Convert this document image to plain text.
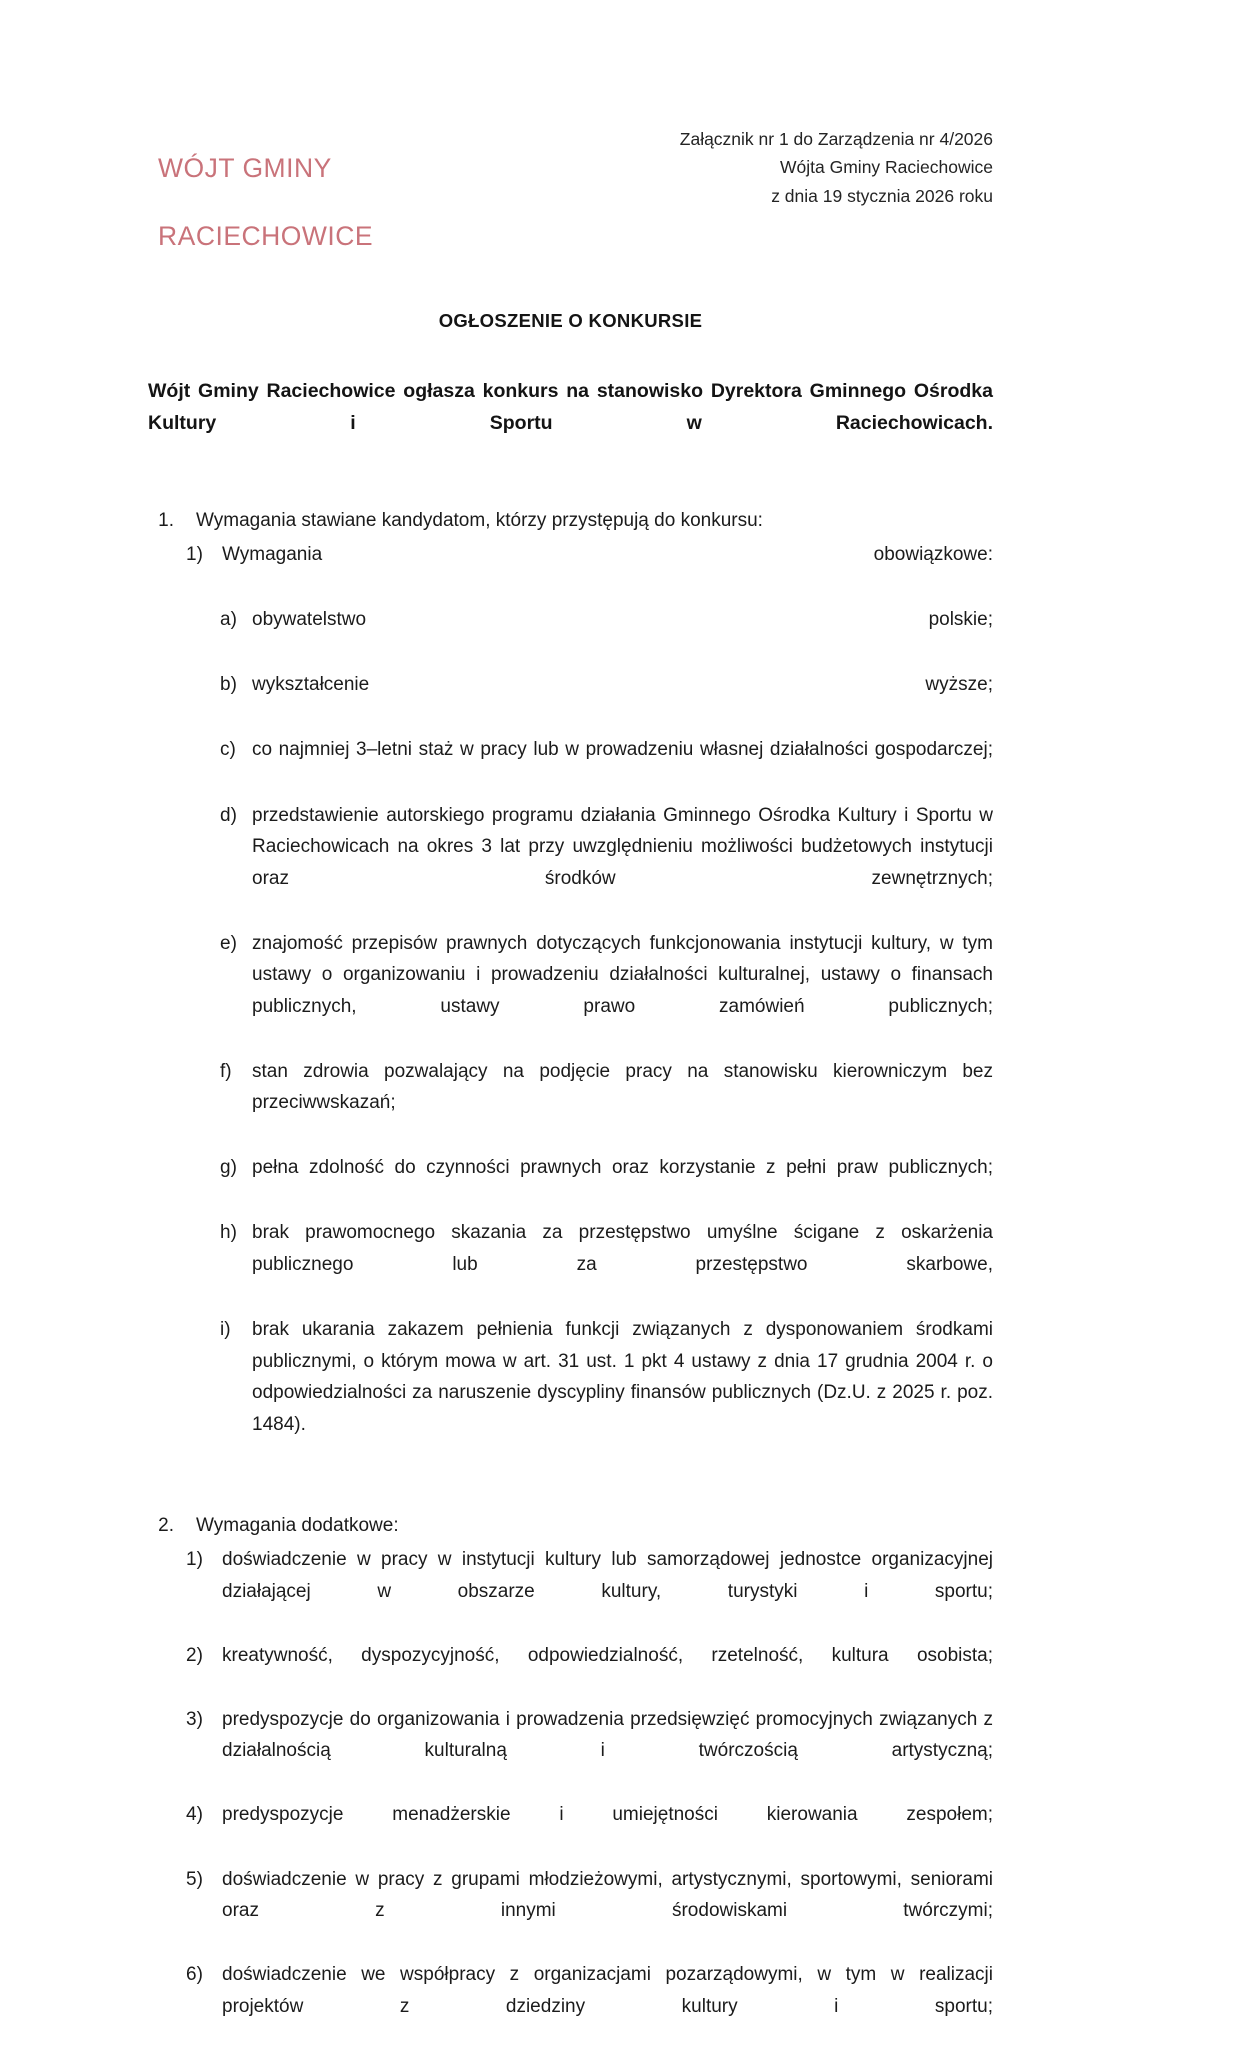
WÓJT GMINY

RACIECHOWICE

Załącznik nr 1 do Zarządzenia nr 4/2026
Wójta Gminy Raciechowice
z dnia 19 stycznia 2026 roku
OGŁOSZENIE O KONKURSIE
Wójt Gminy Raciechowice ogłasza konkurs na stanowisko Dyrektora Gminnego Ośrodka Kultury i Sportu w Raciechowicach.
1.	Wymagania stawiane kandydatom, którzy przystępują do konkursu:
1)	Wymagania obowiązkowe:
a) obywatelstwo polskie;
b) wykształcenie wyższe;
c) co najmniej 3–letni staż w pracy lub w prowadzeniu własnej działalności gospodarczej;
d) przedstawienie autorskiego programu działania Gminnego Ośrodka Kultury i Sportu w Raciechowicach na okres 3 lat przy uwzględnieniu możliwości budżetowych instytucji oraz środków zewnętrznych;
e) znajomość przepisów prawnych dotyczących funkcjonowania instytucji kultury, w tym ustawy o organizowaniu i prowadzeniu działalności kulturalnej, ustawy o finansach publicznych, ustawy prawo zamówień publicznych;
f)	stan zdrowia pozwalający na podjęcie pracy na stanowisku kierowniczym bez przeciwwskazań;
g) pełna zdolność do czynności prawnych oraz korzystanie z pełni praw publicznych;
h) brak prawomocnego skazania za przestępstwo umyślne ścigane z oskarżenia publicznego lub za przestępstwo skarbowe,
i)	brak ukarania zakazem pełnienia funkcji związanych z dysponowaniem środkami publicznymi, o którym mowa w art. 31 ust. 1 pkt 4 ustawy z dnia 17 grudnia 2004 r. o odpowiedzialności za naruszenie dyscypliny finansów publicznych (Dz.U. z 2025 r. poz. 1484).
2.	Wymagania dodatkowe:
1)	doświadczenie w pracy w instytucji kultury lub samorządowej jednostce organizacyjnej działającej w obszarze kultury, turystyki i sportu;
2)	kreatywność, dyspozycyjność, odpowiedzialność, rzetelność, kultura osobista;
3)	predyspozycje do organizowania i prowadzenia przedsięwzięć promocyjnych związanych z działalnością kulturalną i twórczością artystyczną;
4)	predyspozycje menadżerskie i umiejętności kierowania zespołem;
5)	doświadczenie w pracy z grupami młodzieżowymi, artystycznymi, sportowymi, seniorami oraz z innymi środowiskami twórczymi;
6)	doświadczenie we współpracy z organizacjami pozarządowymi, w tym w realizacji projektów z dziedziny kultury i sportu;
